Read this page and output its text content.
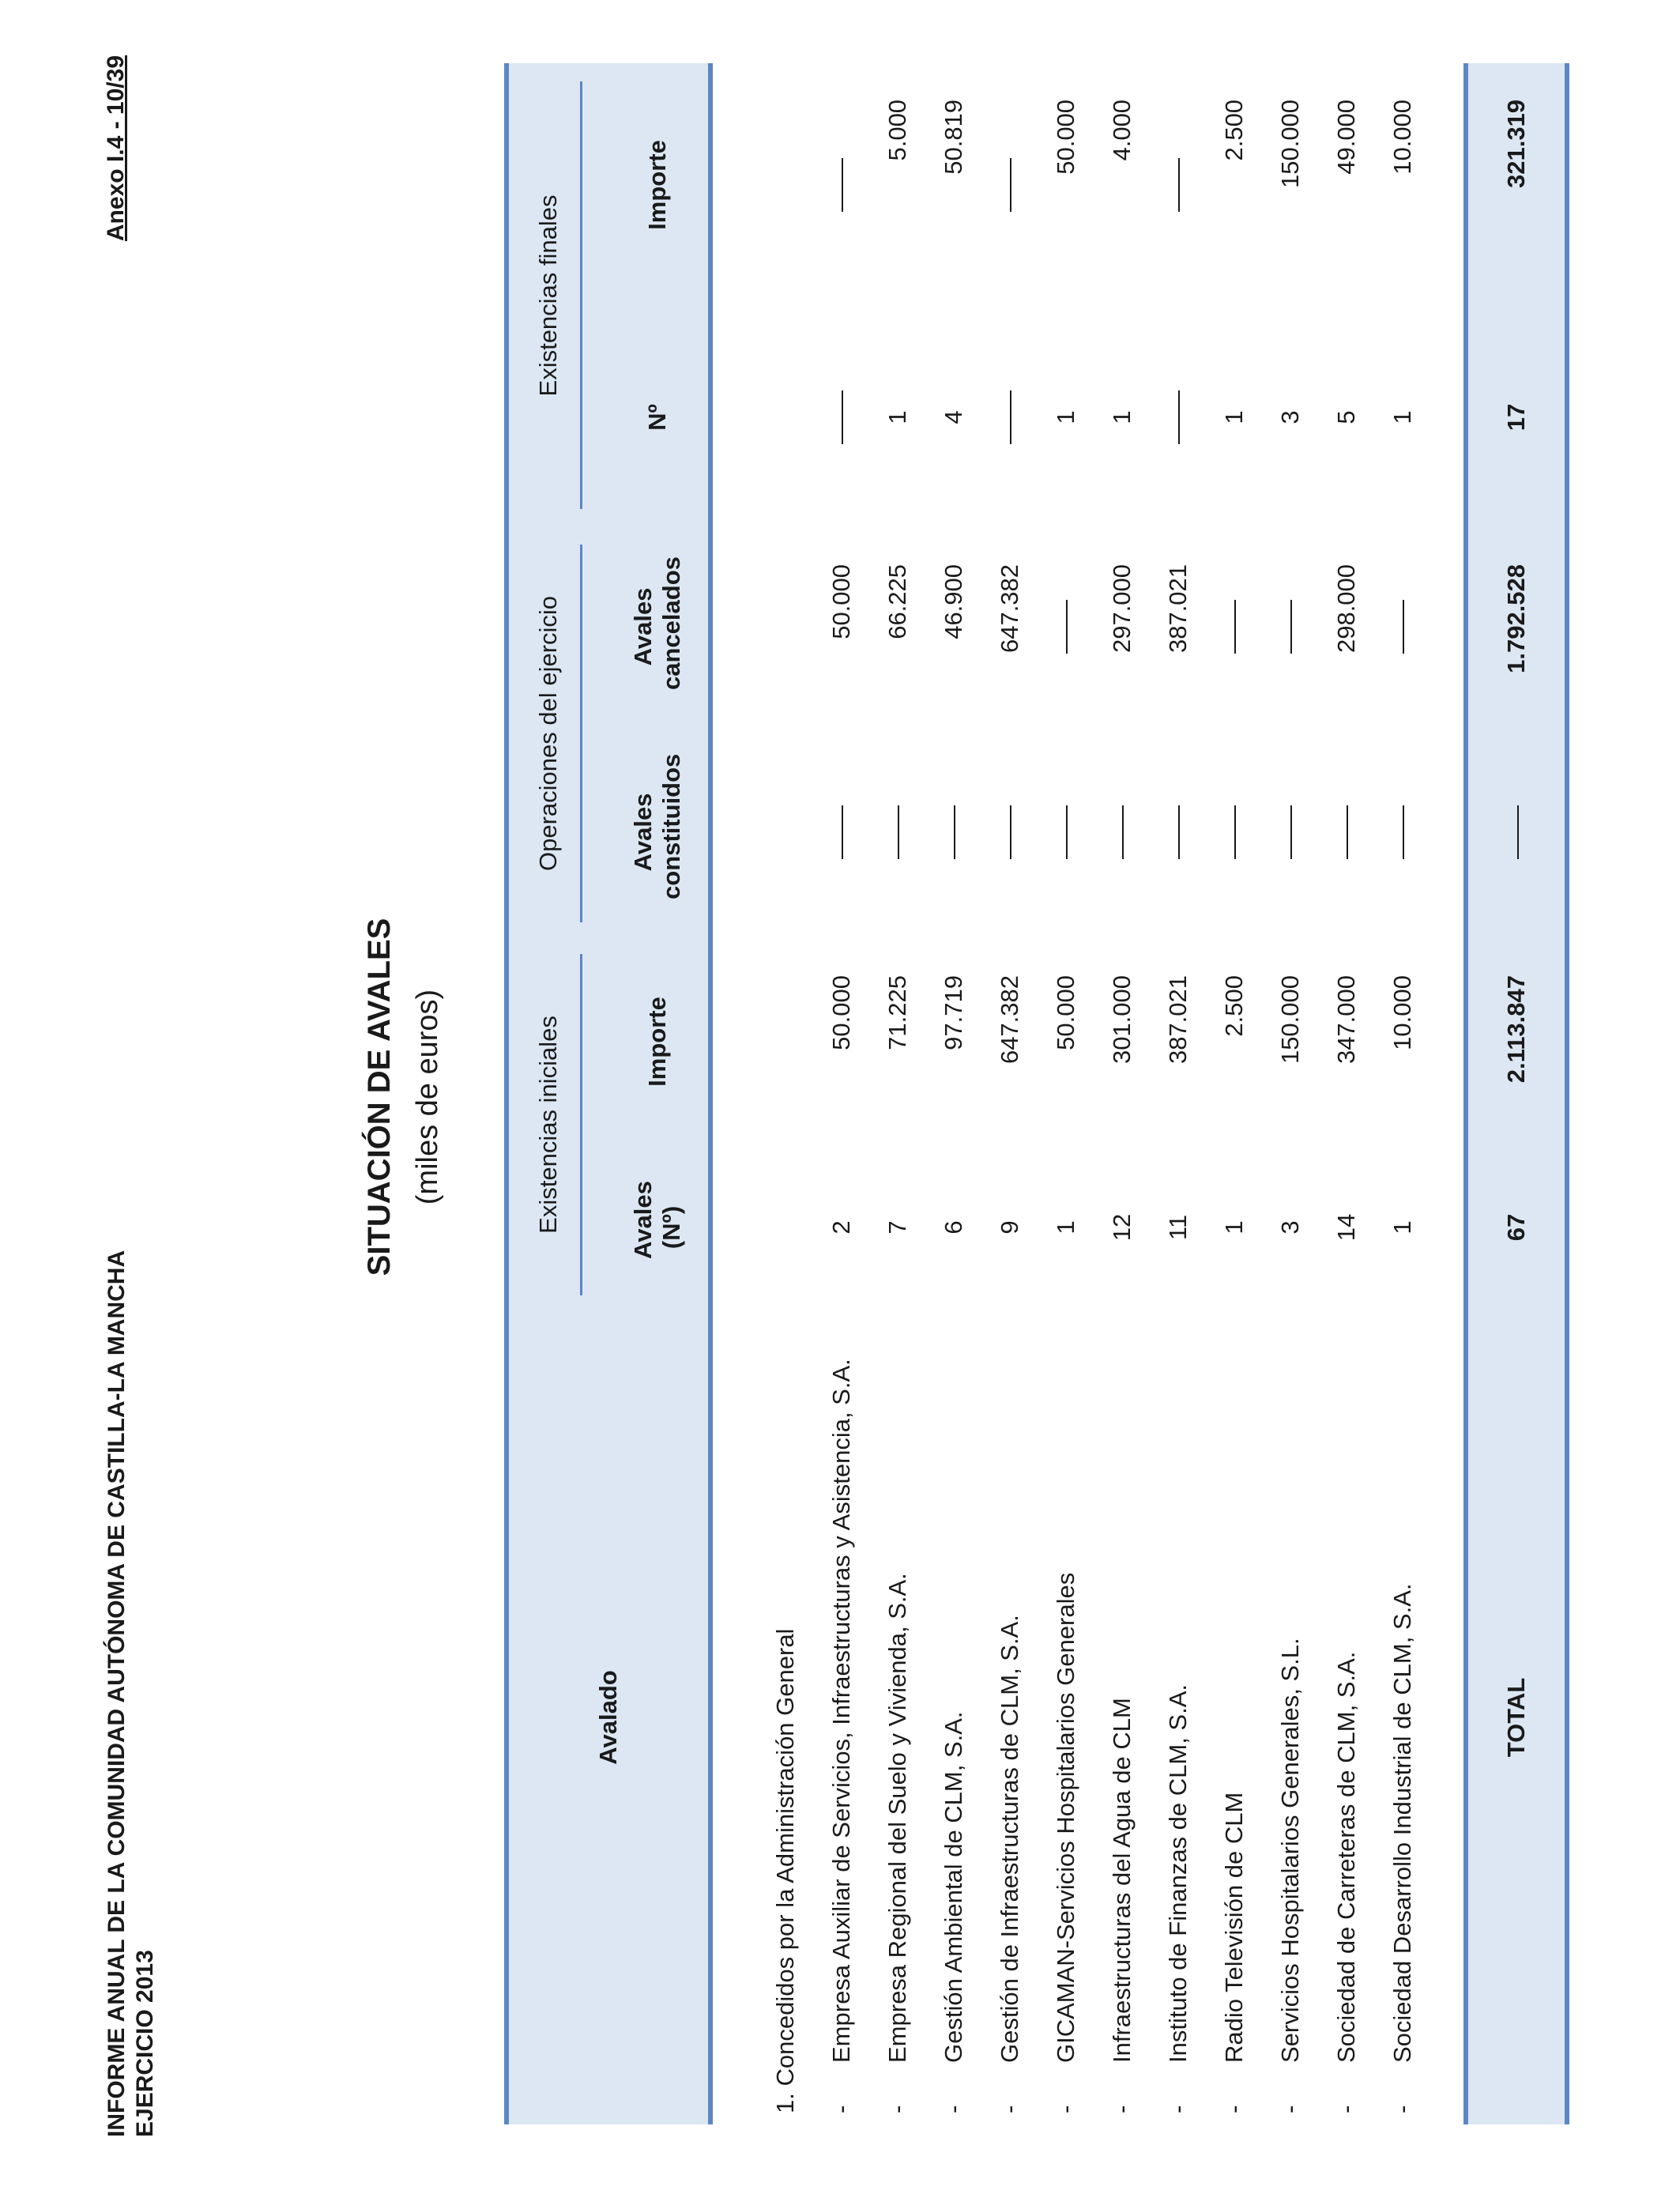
INFORME ANUAL DE LA COMUNIDAD AUTÓNOMA DE CASTILLA-LA MANCHA EJERCICIO 2013
Anexo I.4 - 10/39
SITUACIÓN DE AVALES (miles de euros)
Avalado	Existencias iniciales		Operaciones del ejercicio		Existencias finales	

	Avales (Nº)	Importe	Avales constituidos	Avales cancelados	Nº	Importe

1. Concedidos por la Administración General						
-Empresa Auxiliar de Servicios, Infraestructuras y Asistencia, S.A.	2	50.000		50.000		
-Empresa Regional del Suelo y Vivienda, S.A.	7	71.225		66.225	1	5.000
-Gestión Ambiental de CLM, S.A.	6	97.719		46.900	4	50.819
-Gestión de Infraestructuras de CLM, S.A.	9	647.382		647.382		
-GICAMAN-Servicios Hospitalarios Generales	1	50.000			1	50.000
-Infraestructuras del Agua de CLM	12	301.000		297.000	1	4.000
-Instituto de Finanzas de CLM, S.A.	11	387.021		387.021		
-Radio Televisión de CLM	1	2.500			1	2.500
-Servicios Hospitalarios Generales, S.L.	3	150.000			3	150.000
-Sociedad de Carreteras de CLM, S.A.	14	347.000		298.000	5	49.000
-Sociedad Desarrollo Industrial de CLM, S.A.	1	10.000			1	10.000

TOTAL	67	2.113.847		1.792.528	17	321.319
